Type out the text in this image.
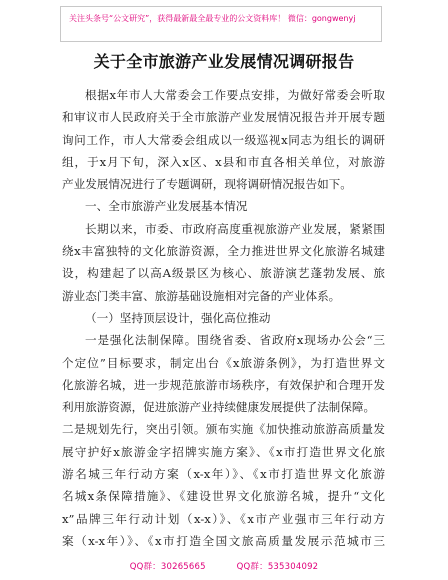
关注头条号“公文研究”，获得最新最全最专业的公文资料库！ 微信：gongwenyj
关于全市旅游产业发展情况调研报告
根据x年市人大常委会工作要点安排，为做好常委会听取
和审议市人民政府关于全市旅游产业发展情况报告并开展专题
询问工作，市人大常委会组成以一级巡视x同志为组长的调研
组，于x月下旬，深入x区、x县和市直各相关单位，对旅游
产业发展情况进行了专题调研，现将调研情况报告如下。
一、全市旅游产业发展基本情况
长期以来，市委、市政府高度重视旅游产业发展，紧紧围
绕x丰富独特的文化旅游资源，全力推进世界文化旅游名城建
设，构建起了以高A级景区为核心、旅游演艺蓬勃发展、旅
游业态门类丰富、旅游基础设施相对完备的产业体系。
（一）坚持顶层设计，强化高位推动
一是强化法制保障。围绕省委、省政府x现场办公会“三
个定位”目标要求，制定出台《x旅游条例》，为打造世界文
化旅游名城，进一步规范旅游市场秩序，有效保护和合理开发
利用旅游资源，促进旅游产业持续健康发展提供了法制保障。
二是规划先行，突出引领。颁布实施《加快推动旅游高质量发
展守护好x旅游金字招牌实施方案》、《x市打造世界文化旅
游名城三年行动方案（x-x年）》、《x市打造世界文化旅游
名城x条保障措施》、《建设世界文化旅游名城，提升“文化
x”品牌三年行动计划（x-x）》、《x市产业强市三年行动方
案（x-x年）》、《x市打造全国文旅高质量发展示范城市三
QQ群：30265665	QQ群：535304092
